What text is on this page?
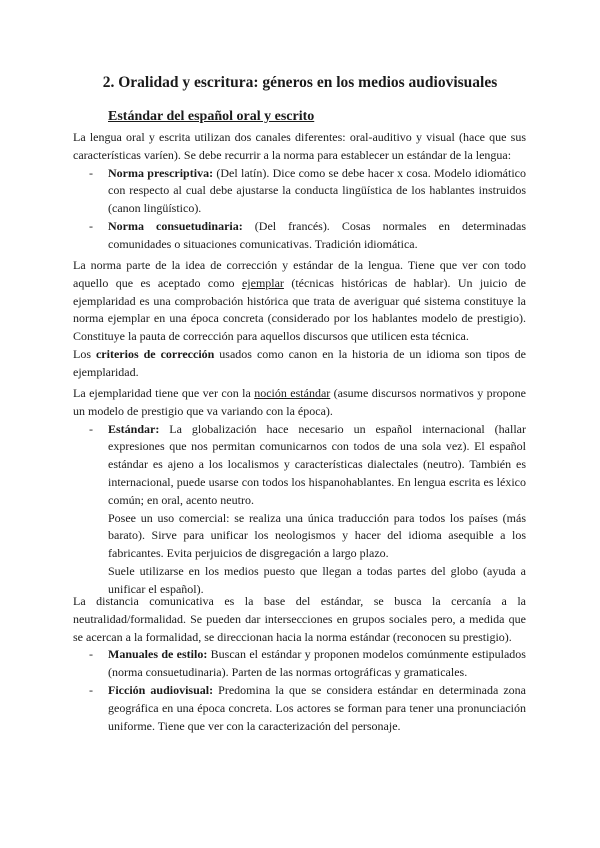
2. Oralidad y escritura: géneros en los medios audiovisuales
Estándar del español oral y escrito

La lengua oral y escrita utilizan dos canales diferentes: oral-auditivo y visual (hace que sus características varíen). Se debe recurrir a la norma para establecer un estándar de la lengua:

- Norma prescriptiva: (Del latín). Dice como se debe hacer x cosa. Modelo idiomático con respecto al cual debe ajustarse la conducta lingüística de los hablantes instruidos (canon lingüístico).
- Norma consuetudinaria: (Del francés). Cosas normales en determinadas comunidades o situaciones comunicativas. Tradición idiomática.

La norma parte de la idea de corrección y estándar de la lengua. Tiene que ver con todo aquello que es aceptado como ejemplar (técnicas históricas de hablar). Un juicio de ejemplaridad es una comprobación histórica que trata de averiguar qué sistema constituye la norma ejemplar en una época concreta (considerado por los hablantes modelo de prestigio). Constituye la pauta de corrección para aquellos discursos que utilicen esta técnica.

Los criterios de corrección usados como canon en la historia de un idioma son tipos de ejemplaridad.

La ejemplaridad tiene que ver con la noción estándar (asume discursos normativos y propone un modelo de prestigio que va variando con la época).

- Estándar: La globalización hace necesario un español internacional (hallar expresiones que nos permitan comunicarnos con todos de una sola vez). El español estándar es ajeno a los localismos y características dialectales (neutro). También es internacional, puede usarse con todos los hispanohablantes. En lengua escrita es léxico común; en oral, acento neutro.

Posee un uso comercial: se realiza una única traducción para todos los países (más barato). Sirve para unificar los neologismos y hacer del idioma asequible a los fabricantes. Evita perjuicios de disgregación a largo plazo.

Suele utilizarse en los medios puesto que llegan a todas partes del globo (ayuda a unificar el español).

La distancia comunicativa es la base del estándar, se busca la cercanía a la neutralidad/formalidad. Se pueden dar intersecciones en grupos sociales pero, a medida que se acercan a la formalidad, se direccionan hacia la norma estándar (reconocen su prestigio).

- Manuales de estilo: Buscan el estándar y proponen modelos comúnmente estipulados (norma consuetudinaria). Parten de las normas ortográficas y gramaticales.
- Ficción audiovisual: Predomina la que se considera estándar en determinada zona geográfica en una época concreta. Los actores se forman para tener una pronunciación uniforme. Tiene que ver con la caracterización del personaje.
